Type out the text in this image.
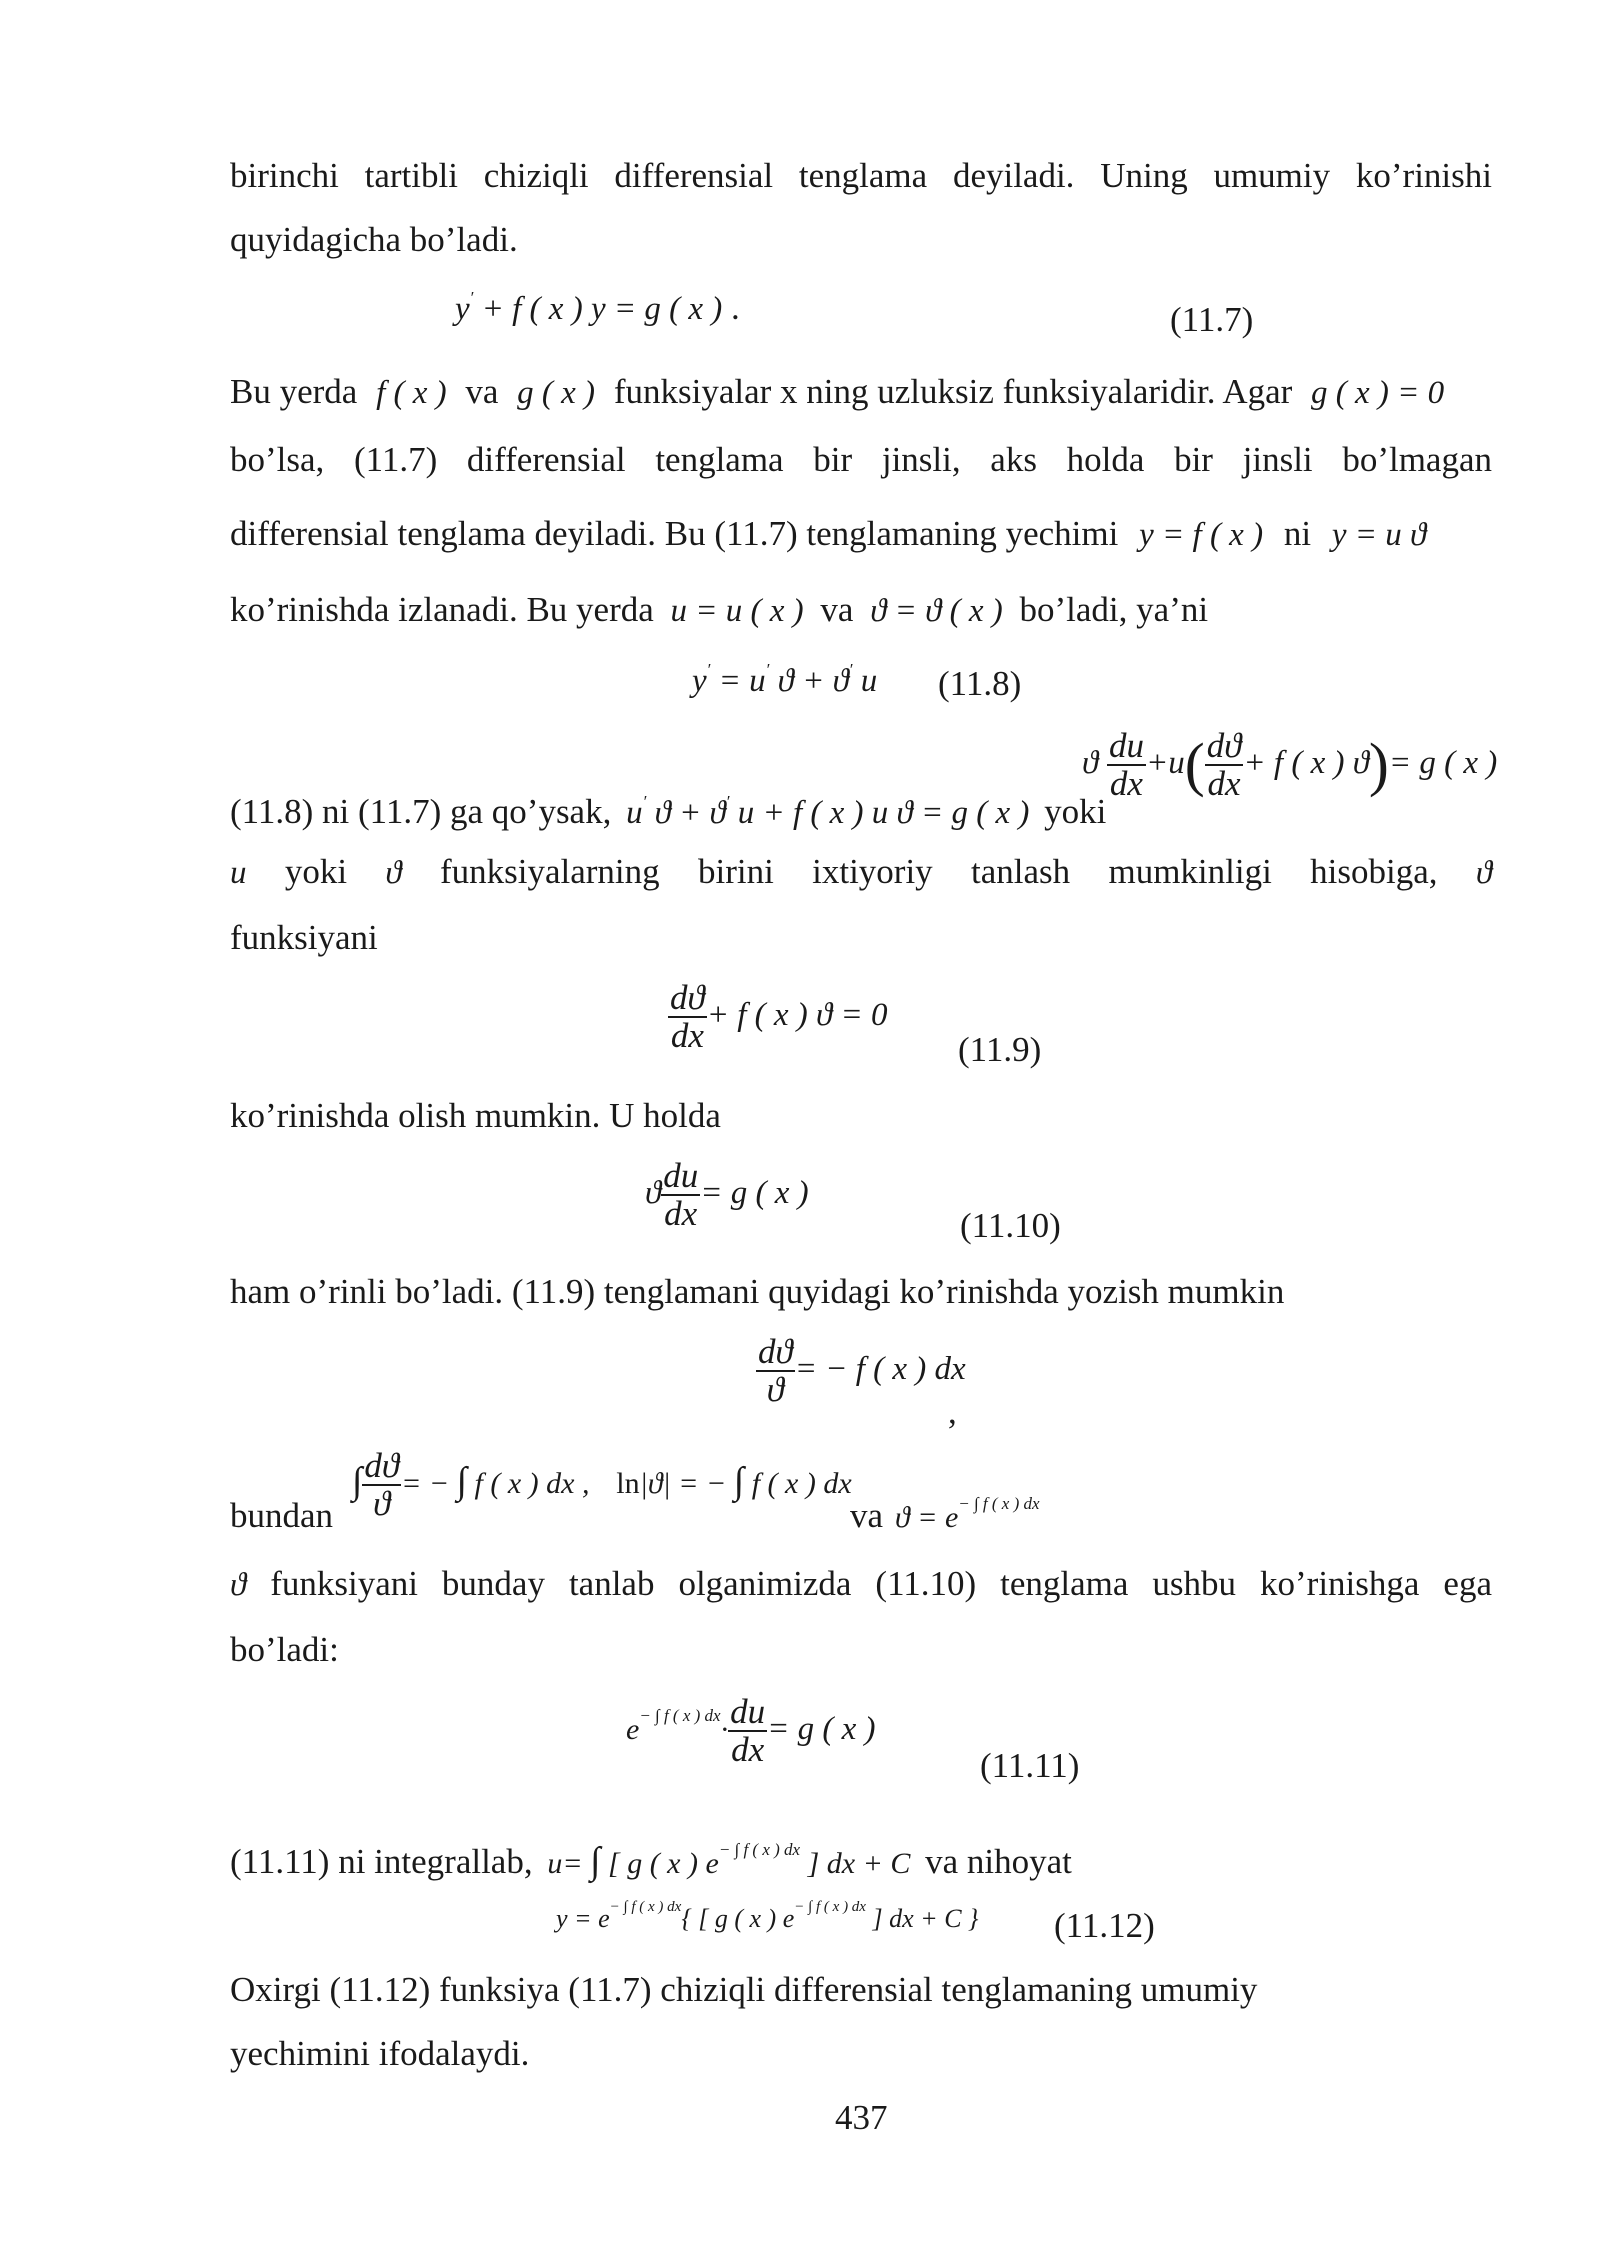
birinchi tartibli chiziqli differensial tenglama deyiladi. Uning umumiy ko’rinishi
quyidagicha bo’ladi.
y′ + f ( x ) y = g ( x ) .	(11.7)
Bu yerda f ( x ) va g ( x ) funksiyalar x ning uzluksiz funksiyalaridir. Agar g ( x ) = 0
bo’lsa, (11.7) differensial tenglama bir jinsli, aks holda bir jinsli bo’lmagan
differensial tenglama deyiladi. Bu (11.7) tenglamaning yechimi y = f ( x ) ni y = u ϑ
ko’rinishda izlanadi. Bu yerda u = u ( x ) va ϑ = ϑ ( x ) bo’ladi, ya’ni
y′ = u′ ϑ + ϑ′ u (11.8)
(11.8) ni (11.7) ga qo’ysak, u′ ϑ + ϑ′ u + f ( x ) u ϑ = g ( x ) yoki
ϑ $\frac{du}{dx} +u( \frac{dϑ}{dx} + f$ ( x ) ϑ)= g ( x )
u yoki ϑ funksiyalarning birini ixtiyoriy tanlash mumkinligi hisobiga, ϑ
funksiyani
$\frac{dϑ}{dx} + f$ ( x ) ϑ = 0
(11.9)
ko’rinishda olish mumkin. U holda
ϑ $\frac{du}{dx} = g$ ( x )
(11.10)
ham o’rinli bo’ladi. (11.9) tenglamani quyidagi ko’rinishda yozish mumkin
$\frac{dϑ}{ϑ}$ = − f ( x ) dx
,
bundan
∫ $\frac{dϑ}{ϑ}$ = − ∫ f ( x ) dx , ln|ϑ| = − ∫ f ( x ) dx
va $ϑ = e^{- \int f ( x ) dx}$
ϑ funksiyani bunday tanlab olganimizda (11.10) tenglama ushbu ko’rinishga ega
bo’ladi:
$e^{- \int f ( x ) dx}\cdot \frac{du}{dx} = g$ ( x )
(11.11)
(11.11) ni integrallab, u= ∫ [ g ( x ) $e^{- \int f ( x ) dx}$ ] dx + C va nihoyat
$y = e^{- \int f ( x ) dx}${ [ g ( x ) $e^{- \int f ( x ) dx}$ ] dx + C } (11.12)
Oxirgi (11.12) funksiya (11.7) chiziqli differensial tenglamaning umumiy
yechimini ifodalaydi.
437
